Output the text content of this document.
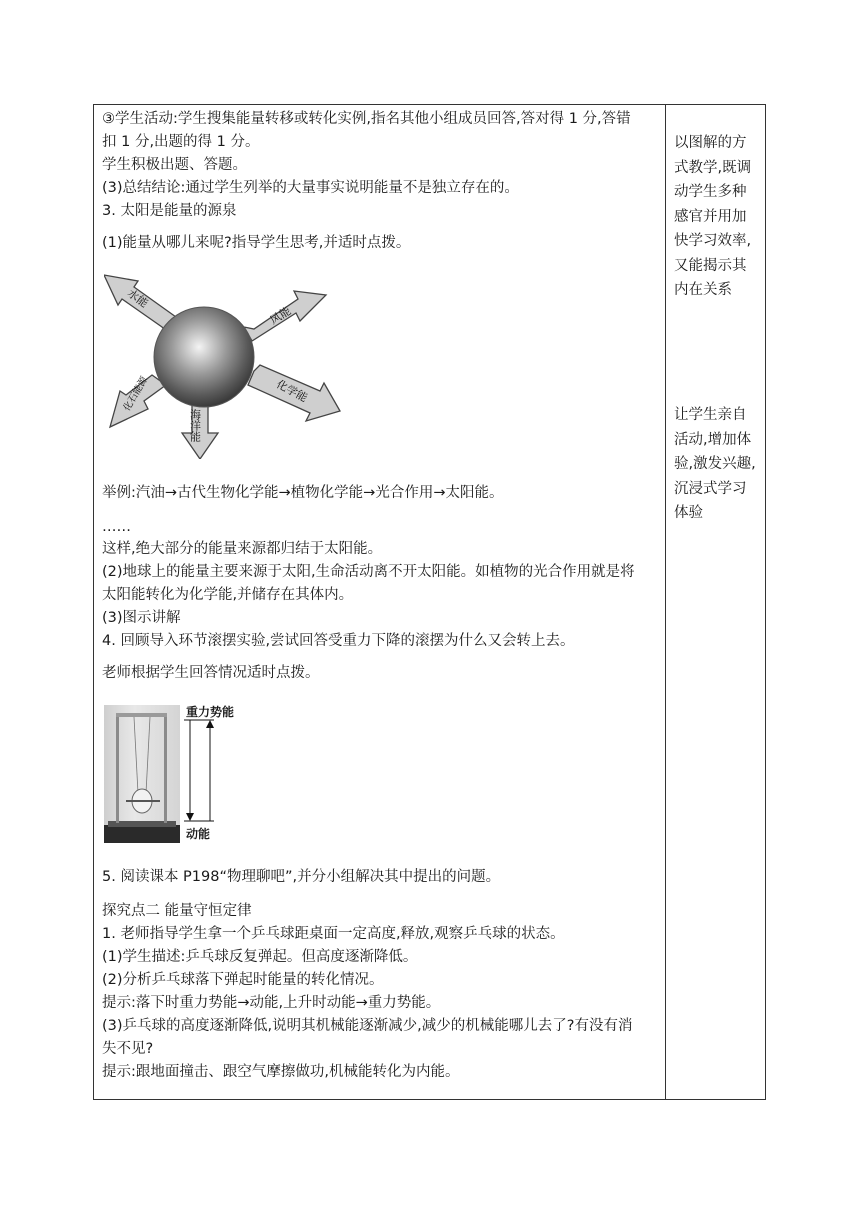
③学生活动:学生搜集能量转移或转化实例,指名其他小组成员回答,答对得 1 分,答错
扣 1 分,出题的得 1 分。
学生积极出题、答题。
(3)总结结论:通过学生列举的大量事实说明能量不是独立存在的。
3. 太阳是能量的源泉
(1)能量从哪儿来呢?指导学生思考,并适时点拨。
水能
风能
化学能
海洋能
化石能源
举例:汽油→古代生物化学能→植物化学能→光合作用→太阳能。
……
这样,绝大部分的能量来源都归结于太阳能。
(2)地球上的能量主要来源于太阳,生命活动离不开太阳能。如植物的光合作用就是将
太阳能转化为化学能,并储存在其体内。
(3)图示讲解
4. 回顾导入环节滚摆实验,尝试回答受重力下降的滚摆为什么又会转上去。
老师根据学生回答情况适时点拨。
重力势能
动能
5. 阅读课本 P198“物理聊吧”,并分小组解决其中提出的问题。
探究点二 能量守恒定律
1. 老师指导学生拿一个乒乓球距桌面一定高度,释放,观察乒乓球的状态。
(1)学生描述:乒乓球反复弹起。但高度逐渐降低。
(2)分析乒乓球落下弹起时能量的转化情况。
提示:落下时重力势能→动能,上升时动能→重力势能。
(3)乒乓球的高度逐渐降低,说明其机械能逐渐减少,减少的机械能哪儿去了?有没有消
失不见?
提示:跟地面撞击、跟空气摩擦做功,机械能转化为内能。
以图解的方
式教学,既调
动学生多种
感官并用加
快学习效率,
又能揭示其
内在关系
让学生亲自
活动,增加体
验,激发兴趣,
沉浸式学习
体验
